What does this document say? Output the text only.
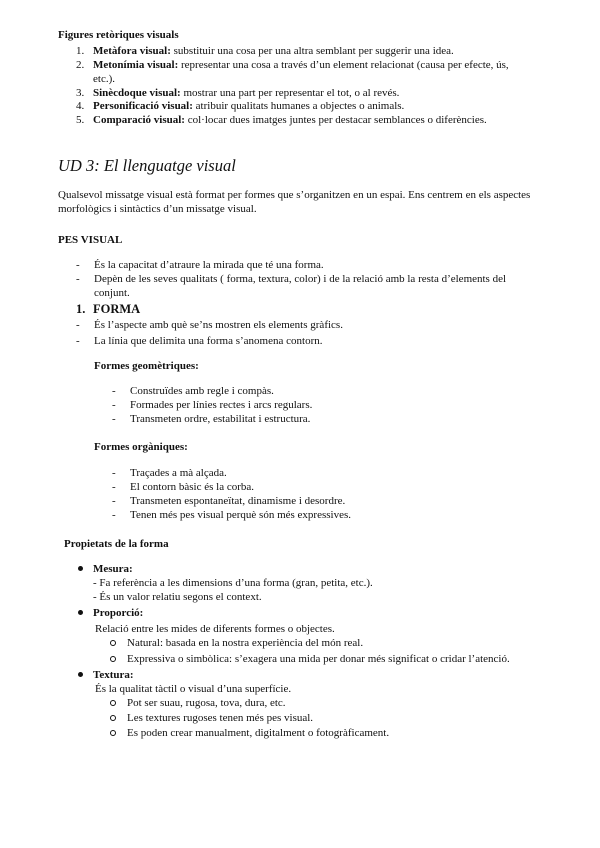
Figures retòriques visuals
1. Metàfora visual: substituir una cosa per una altra semblant per suggerir una idea.
2. Metonímia visual: representar una cosa a través d’un element relacionat (causa per efecte, ús, etc.).
3. Sinècdoque visual: mostrar una part per representar el tot, o al revés.
4. Personificació visual: atribuir qualitats humanes a objectes o animals.
5. Comparació visual: col·locar dues imatges juntes per destacar semblances o diferències.
UD 3: El llenguatge visual
Qualsevol missatge visual està format per formes que s’organitzen en un espai. Ens centrem en els aspectes morfològics i sintàctics d’un missatge visual.
PES VISUAL
- És la capacitat d’atraure la mirada que té una forma.
- Depèn de les seves qualitats ( forma, textura, color) i de la relació amb la resta d’elements del conjunt.
1. FORMA
- És l’aspecte amb què se’ns mostren els elements gràfics.
- La línia que delimita una forma s’anomena contorn.
Formes geomètriques:
- Construïdes amb regle i compàs.
- Formades per línies rectes i arcs regulars.
- Transmeten ordre, estabilitat i estructura.
Formes orgàniques:
- Traçades a mà alçada.
- El contorn bàsic és la corba.
- Transmeten espontaneïtat, dinamisme i desordre.
- Tenen més pes visual perquè són més expressives.
Propietats de la forma
Mesura:
- Fa referència a les dimensions d’una forma (gran, petita, etc.).
- És un valor relatiu segons el context.
Proporció:
Relació entre les mides de diferents formes o objectes.
Natural: basada en la nostra experiència del món real.
Expressiva o simbòlica: s’exagera una mida per donar més significat o cridar l’atenció.
Textura:
És la qualitat tàctil o visual d’una superfície.
Pot ser suau, rugosa, tova, dura, etc.
Les textures rugoses tenen més pes visual.
Es poden crear manualment, digitalment o fotogràficament.
